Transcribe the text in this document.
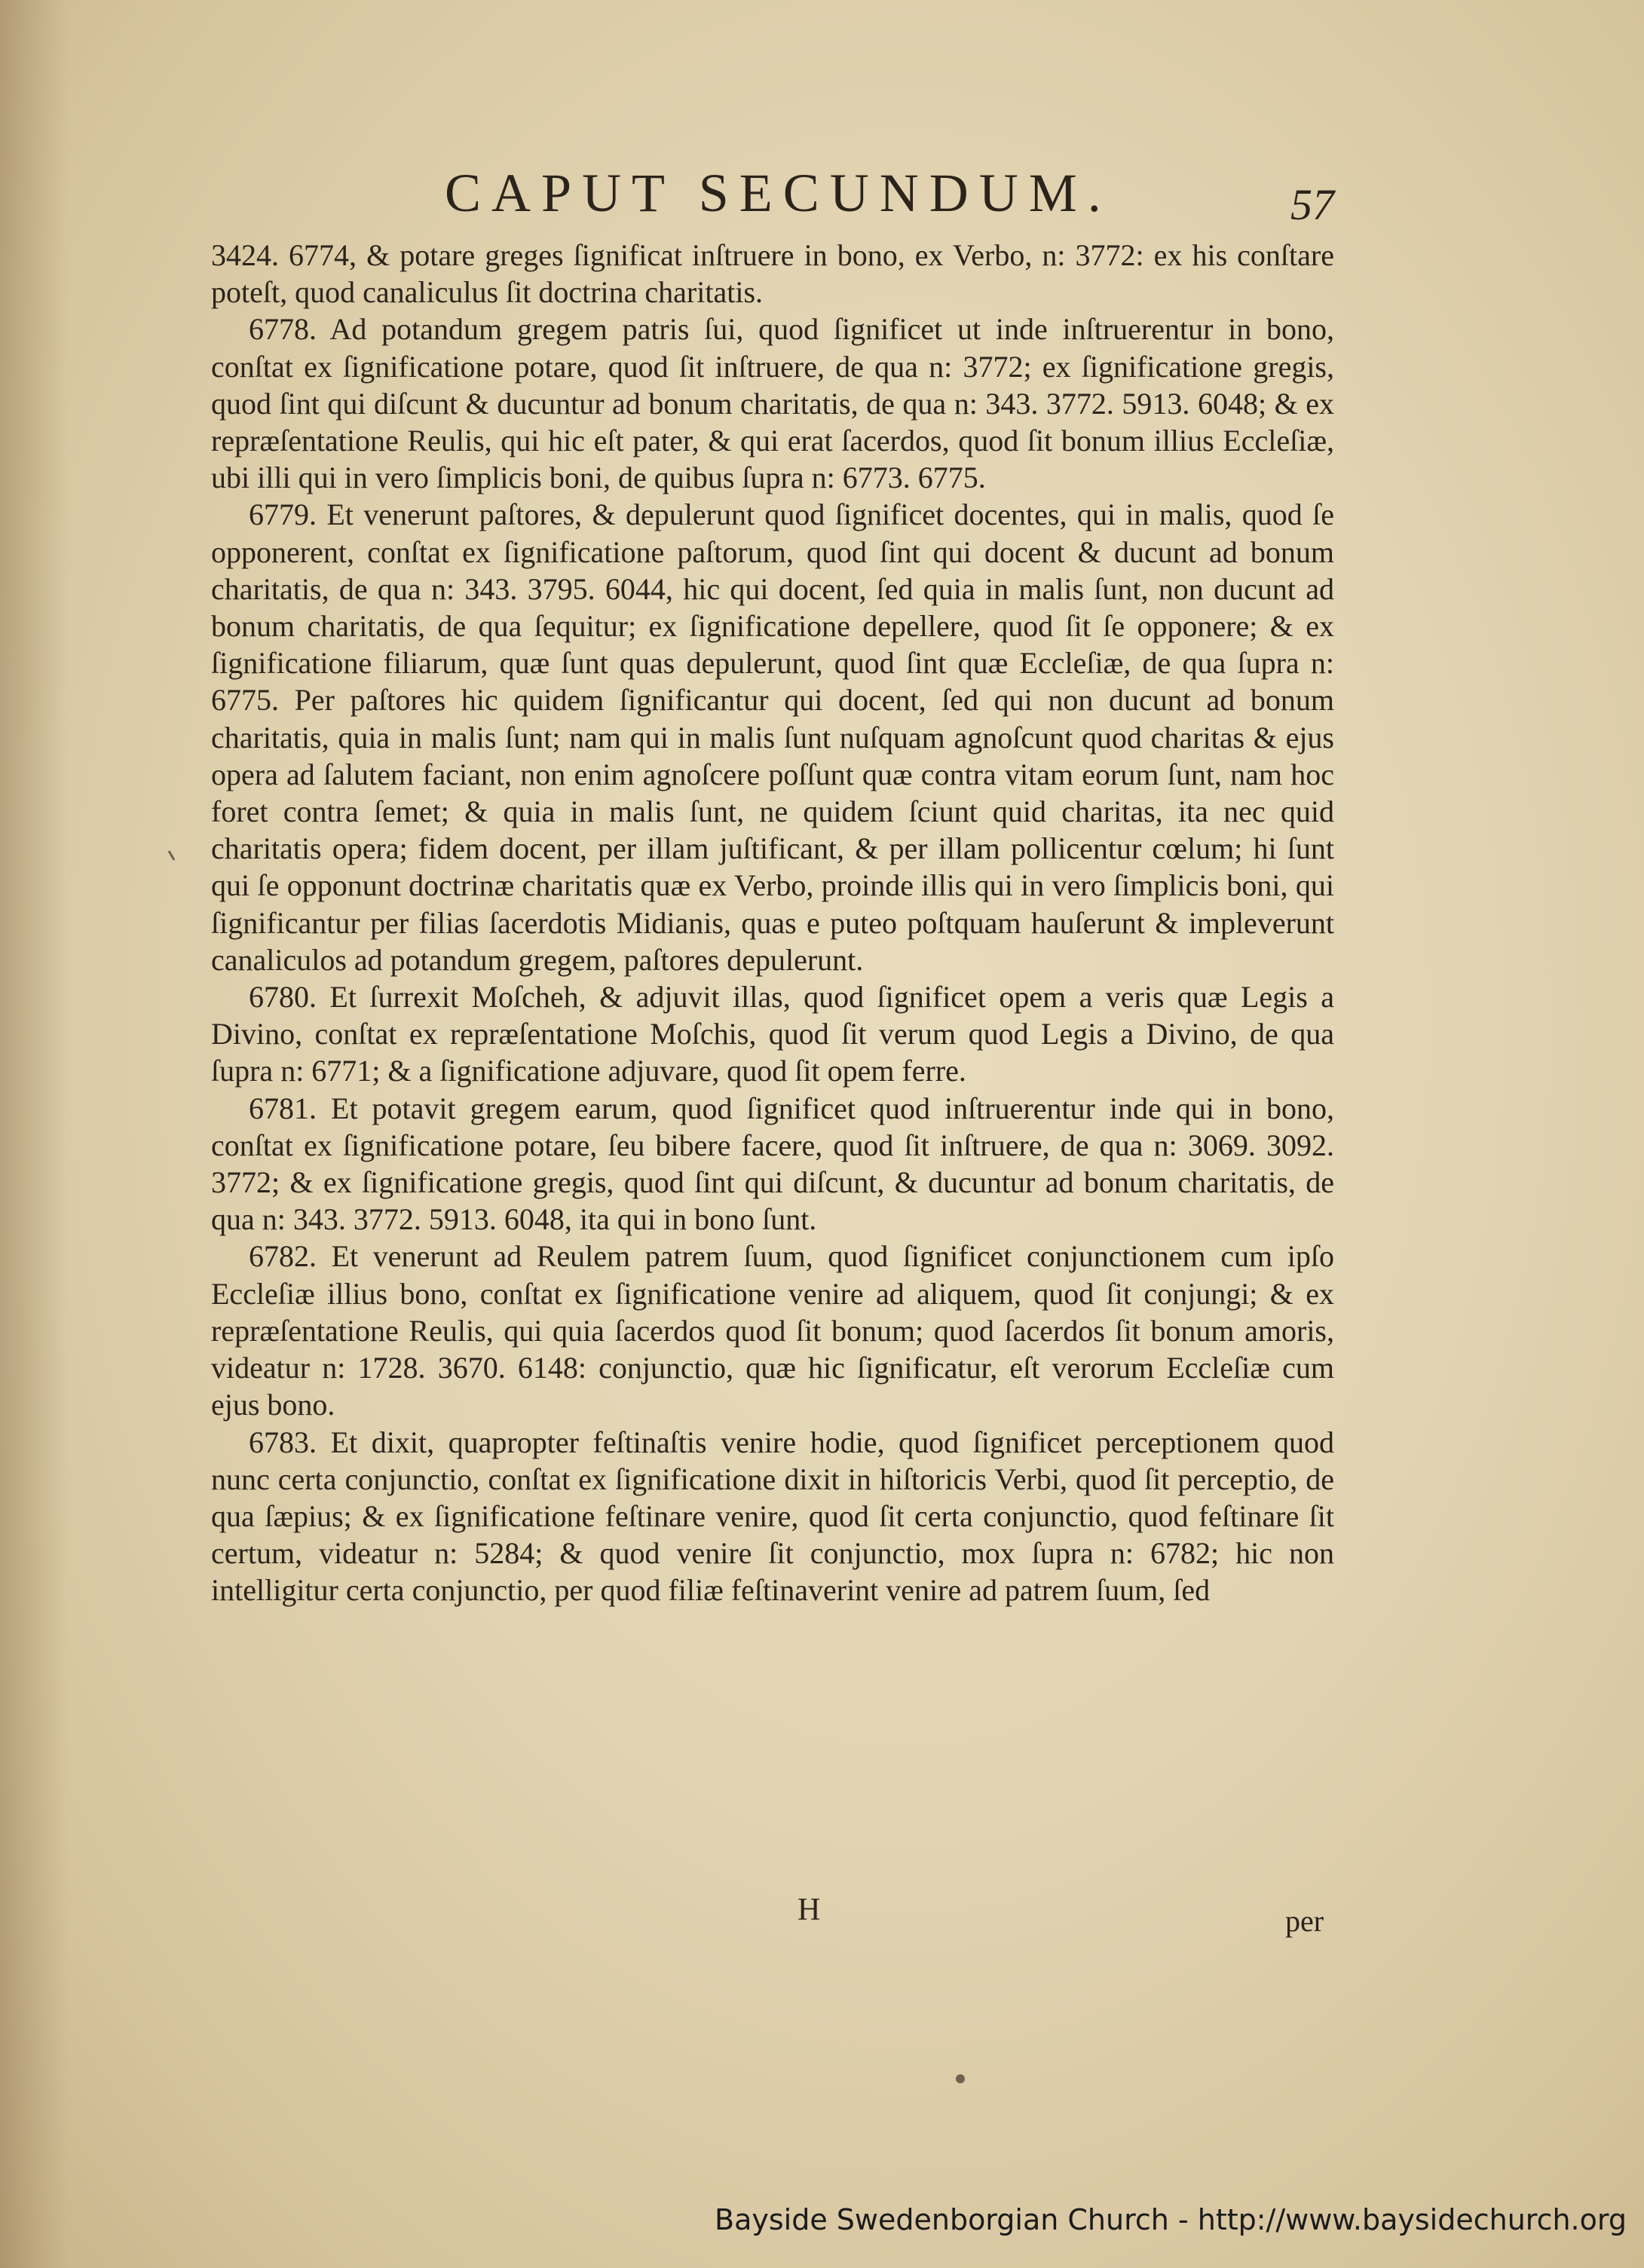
CAPUT SECUNDUM.	57

3424. 6774, & potare greges ſignificat inſtruere in bono, ex Verbo, n: 3772: ex his conſtare poteſt, quod canaliculus ſit doctrina charitatis.

6778. Ad potandum gregem patris ſui, quod ſignificet ut inde inſtruerentur in bono, conſtat ex ſignificatione potare, quod ſit inſtruere, de qua n: 3772; ex ſignificatione gregis, quod ſint qui diſcunt & ducuntur ad bonum charitatis, de qua n: 343. 3772. 5913. 6048; & ex repræſentatione Reulis, qui hic eſt pater, & qui erat ſacerdos, quod ſit bonum illius Eccleſiæ, ubi illi qui in vero ſimplicis boni, de quibus ſupra n: 6773. 6775.

6779. Et venerunt paſtores, & depulerunt quod ſignificet docentes, qui in malis, quod ſe opponerent, conſtat ex ſignificatione paſtorum, quod ſint qui docent & ducunt ad bonum charitatis, de qua n: 343. 3795. 6044, hic qui docent, ſed quia in malis ſunt, non ducunt ad bonum charitatis, de qua ſequitur; ex ſignificatione depellere, quod ſit ſe opponere; & ex ſignificatione filiarum, quæ ſunt quas depulerunt, quod ſint quæ Eccleſiæ, de qua ſupra n: 6775. Per paſtores hic quidem ſignificantur qui docent, ſed qui non ducunt ad bonum charitatis, quia in malis ſunt; nam qui in malis ſunt nuſquam agnoſcunt quod charitas & ejus opera ad ſalutem faciant, non enim agnoſcere poſſunt quæ contra vitam eorum ſunt, nam hoc foret contra ſemet; & quia in malis ſunt, ne quidem ſciunt quid charitas, ita nec quid charitatis opera; fidem docent, per illam juſtificant, & per illam pollicentur cœlum; hi ſunt qui ſe opponunt doctrinæ charitatis quæ ex Verbo, proinde illis qui in vero ſimplicis boni, qui ſignificantur per filias ſacerdotis Midianis, quas e puteo poſtquam hauſerunt & impleverunt canaliculos ad potandum gregem, paſtores depulerunt.

6780. Et ſurrexit Moſcheh, & adjuvit illas, quod ſignificet opem a veris quæ Legis a Divino, conſtat ex repræſentatione Moſchis, quod ſit verum quod Legis a Divino, de qua ſupra n: 6771; & a ſignificatione adjuvare, quod ſit opem ferre.

6781. Et potavit gregem earum, quod ſignificet quod inſtruerentur inde qui in bono, conſtat ex ſignificatione potare, ſeu bibere facere, quod ſit inſtruere, de qua n: 3069. 3092. 3772; & ex ſignificatione gregis, quod ſint qui diſcunt, & ducuntur ad bonum charitatis, de qua n: 343. 3772. 5913. 6048, ita qui in bono ſunt.

6782. Et venerunt ad Reulem patrem ſuum, quod ſignificet conjunctionem cum ipſo Eccleſiæ illius bono, conſtat ex ſignificatione venire ad aliquem, quod ſit conjungi; & ex repræſentatione Reulis, qui quia ſacerdos quod ſit bonum; quod ſacerdos ſit bonum amoris, videatur n: 1728. 3670. 6148: conjunctio, quæ hic ſignificatur, eſt verorum Eccleſiæ cum ejus bono.

6783. Et dixit, quapropter feſtinaſtis venire hodie, quod ſignificet perceptionem quod nunc certa conjunctio, conſtat ex ſignificatione dixit in hiſtoricis Verbi, quod ſit perceptio, de qua ſæpius; & ex ſignificatione feſtinare venire, quod ſit certa conjunctio, quod feſtinare ſit certum, videatur n: 5284; & quod venire ſit conjunctio, mox ſupra n: 6782; hic non intelligitur certa conjunctio, per quod filiæ feſtinaverint venire ad patrem ſuum, ſed

H	per
Bayside Swedenborgian Church - http://www.baysidechurch.org
